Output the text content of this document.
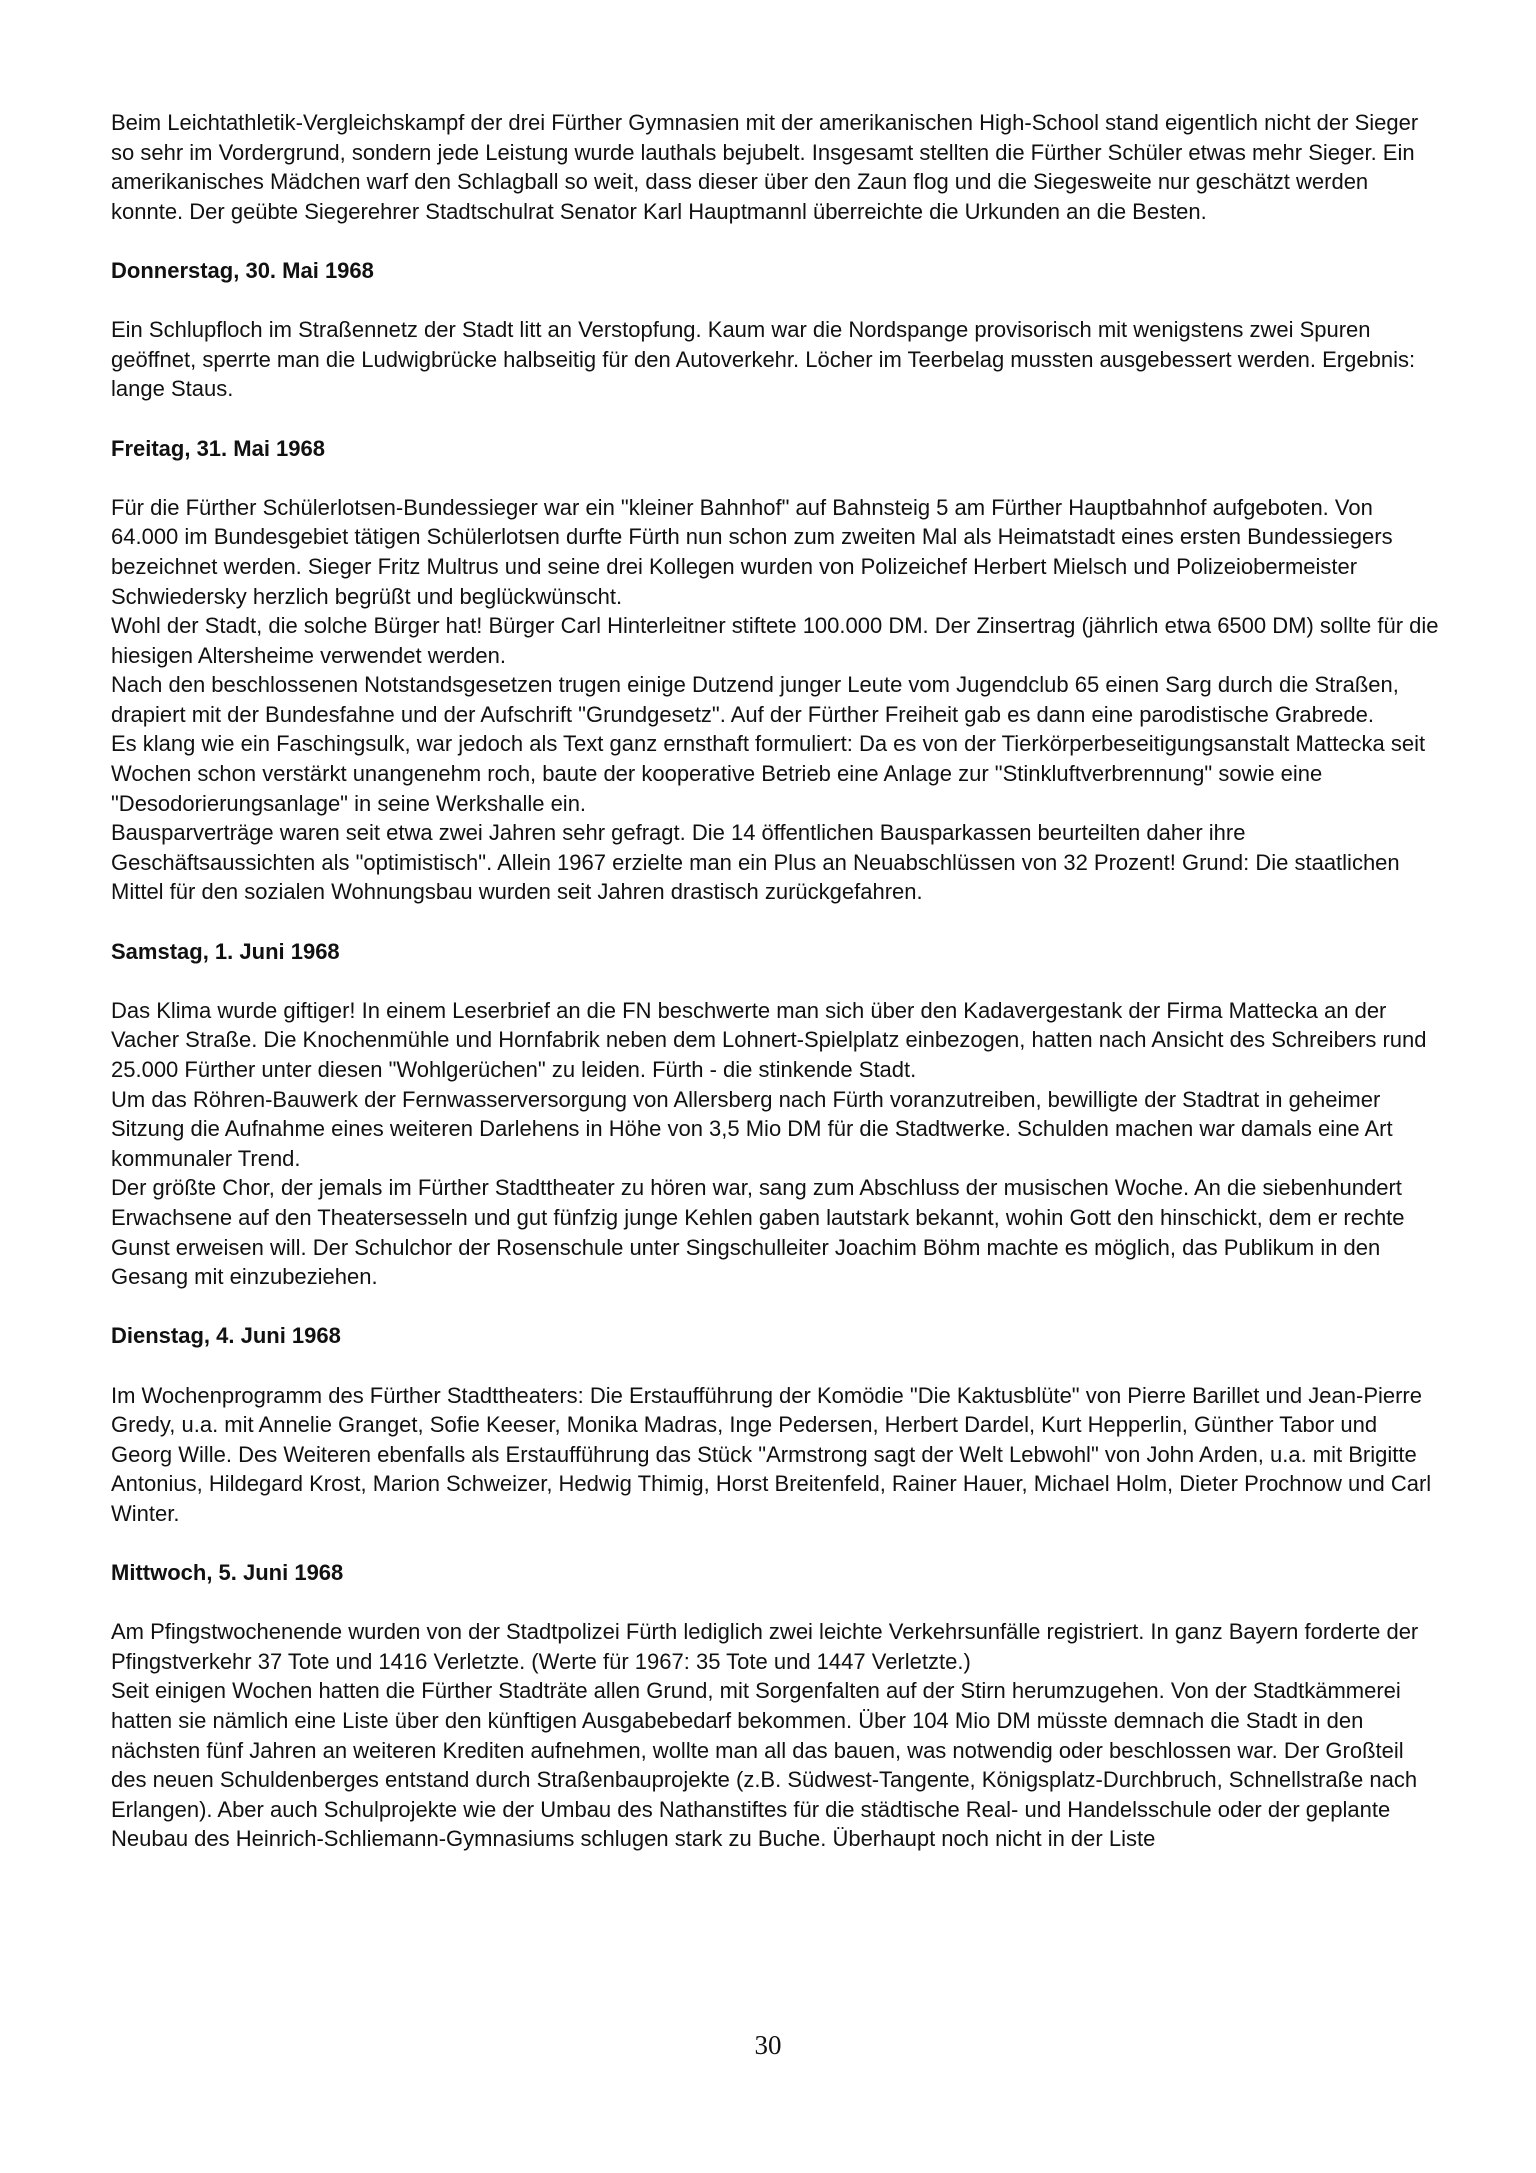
Beim Leichtathletik-Vergleichskampf der drei Fürther Gymnasien mit der amerikanischen High-School stand eigentlich nicht der Sieger so sehr im Vordergrund, sondern jede Leistung wurde lauthals bejubelt. Insgesamt stellten die Fürther Schüler etwas mehr Sieger. Ein amerikanisches Mädchen warf den Schlagball so weit, dass dieser über den Zaun flog und die Siegesweite nur geschätzt werden konnte. Der geübte Siegerehrer Stadtschulrat Senator Karl Hauptmannl überreichte die Urkunden an die Besten.

Donnerstag, 30. Mai 1968

Ein Schlupfloch im Straßennetz der Stadt litt an Verstopfung. Kaum war die Nordspange provisorisch mit wenigstens zwei Spuren geöffnet, sperrte man die Ludwigbrücke halbseitig für den Autoverkehr. Löcher im Teerbelag mussten ausgebessert werden. Ergebnis: lange Staus.

Freitag, 31. Mai 1968

Für die Fürther Schülerlotsen-Bundessieger war ein "kleiner Bahnhof" auf Bahnsteig 5 am Fürther Hauptbahnhof aufgeboten. Von 64.000 im Bundesgebiet tätigen Schülerlotsen durfte Fürth nun schon zum zweiten Mal als Heimatstadt eines ersten Bundessiegers bezeichnet werden. Sieger Fritz Multrus und seine drei Kollegen wurden von Polizeichef Herbert Mielsch und Polizeiobermeister Schwiedersky herzlich begrüßt und beglückwünscht.

Wohl der Stadt, die solche Bürger hat! Bürger Carl Hinterleitner stiftete 100.000 DM. Der Zinsertrag (jährlich etwa 6500 DM) sollte für die hiesigen Altersheime verwendet werden.

Nach den beschlossenen Notstandsgesetzen trugen einige Dutzend junger Leute vom Jugendclub 65 einen Sarg durch die Straßen, drapiert mit der Bundesfahne und der Aufschrift "Grundgesetz". Auf der Fürther Freiheit gab es dann eine parodistische Grabrede.

Es klang wie ein Faschingsulk, war jedoch als Text ganz ernsthaft formuliert: Da es von der Tierkörperbeseitigungsanstalt Mattecka seit Wochen schon verstärkt unangenehm roch, baute der kooperative Betrieb eine Anlage zur "Stinkluftverbrennung" sowie eine "Desodorierungsanlage" in seine Werkshalle ein.

Bausparverträge waren seit etwa zwei Jahren sehr gefragt. Die 14 öffentlichen Bausparkassen beurteilten daher ihre Geschäftsaussichten als "optimistisch". Allein 1967 erzielte man ein Plus an Neuabschlüssen von 32 Prozent! Grund: Die staatlichen Mittel für den sozialen Wohnungsbau wurden seit Jahren drastisch zurückgefahren.

Samstag, 1. Juni 1968

Das Klima wurde giftiger! In einem Leserbrief an die FN beschwerte man sich über den Kadavergestank der Firma Mattecka an der Vacher Straße. Die Knochenmühle und Hornfabrik neben dem Lohnert-Spielplatz einbezogen, hatten nach Ansicht des Schreibers rund 25.000 Fürther unter diesen "Wohlgerüchen" zu leiden. Fürth - die stinkende Stadt.

Um das Röhren-Bauwerk der Fernwasserversorgung von Allersberg nach Fürth voranzutreiben, bewilligte der Stadtrat in geheimer Sitzung die Aufnahme eines weiteren Darlehens in Höhe von 3,5 Mio DM für die Stadtwerke. Schulden machen war damals eine Art kommunaler Trend.

Der größte Chor, der jemals im Fürther Stadttheater zu hören war, sang zum Abschluss der musischen Woche. An die siebenhundert Erwachsene auf den Theatersesseln und gut fünfzig junge Kehlen gaben lautstark bekannt, wohin Gott den hinschickt, dem er rechte Gunst erweisen will. Der Schulchor der Rosenschule unter Singschulleiter Joachim Böhm machte es möglich, das Publikum in den Gesang mit einzubeziehen.

Dienstag, 4. Juni 1968

Im Wochenprogramm des Fürther Stadttheaters: Die Erstaufführung der Komödie "Die Kaktusblüte" von Pierre Barillet und Jean-Pierre Gredy, u.a. mit Annelie Granget, Sofie Keeser, Monika Madras, Inge Pedersen, Herbert Dardel, Kurt Hepperlin, Günther Tabor und Georg Wille. Des Weiteren ebenfalls als Erstaufführung das Stück "Armstrong sagt der Welt Lebwohl" von John Arden, u.a. mit Brigitte Antonius, Hildegard Krost, Marion Schweizer, Hedwig Thimig, Horst Breitenfeld, Rainer Hauer, Michael Holm, Dieter Prochnow und Carl Winter.

Mittwoch, 5. Juni 1968

Am Pfingstwochenende wurden von der Stadtpolizei Fürth lediglich zwei leichte Verkehrsunfälle registriert. In ganz Bayern forderte der Pfingstverkehr 37 Tote und 1416 Verletzte. (Werte für 1967: 35 Tote und 1447 Verletzte.)

Seit einigen Wochen hatten die Fürther Stadträte allen Grund, mit Sorgenfalten auf der Stirn herumzugehen. Von der Stadtkämmerei hatten sie nämlich eine Liste über den künftigen Ausgabebedarf bekommen. Über 104 Mio DM müsste demnach die Stadt in den nächsten fünf Jahren an weiteren Krediten aufnehmen, wollte man all das bauen, was notwendig oder beschlossen war. Der Großteil des neuen Schuldenberges entstand durch Straßenbauprojekte (z.B. Südwest-Tangente, Königsplatz-Durchbruch, Schnellstraße nach Erlangen). Aber auch Schulprojekte wie der Umbau des Nathanstiftes für die städtische Real- und Handelsschule oder der geplante Neubau des Heinrich-Schliemann-Gymnasiums schlugen stark zu Buche. Überhaupt noch nicht in der Liste

30
